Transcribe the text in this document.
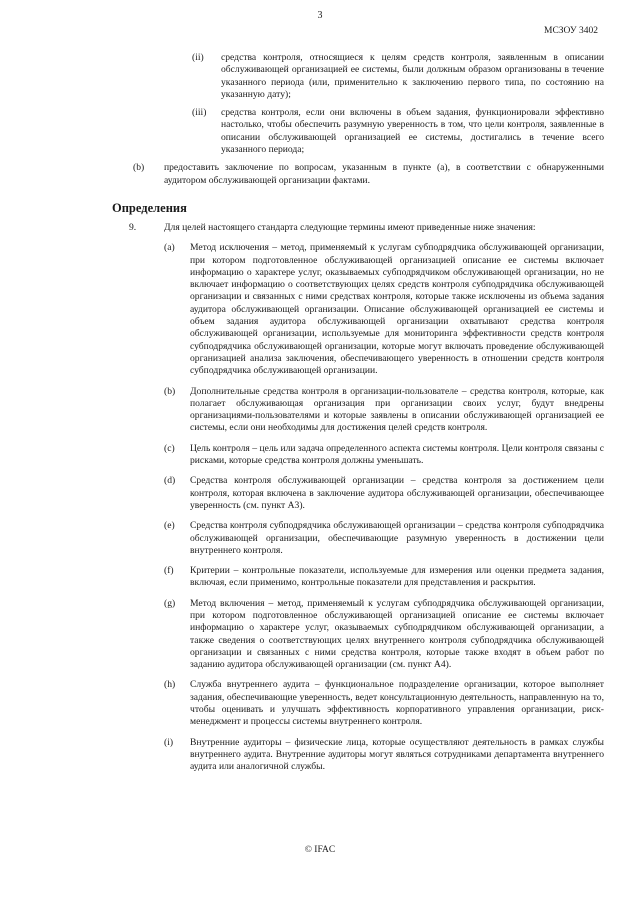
3
МСЗОУ 3402
(ii) средства контроля, относящиеся к целям средств контроля, заявленным в описании обслуживающей организацией ее системы, были должным образом организованы в течение указанного периода (или, применительно к заключению первого типа, по состоянию на указанную дату);
(iii) средства контроля, если они включены в объем задания, функционировали эффективно настолько, чтобы обеспечить разумную уверенность в том, что цели контроля, заявленные в описании обслуживающей организацией ее системы, достигались в течение всего указанного периода;
(b) предоставить заключение по вопросам, указанным в пункте (a), в соответствии с обнаруженными аудитором обслуживающей организации фактами.
Определения
9.	Для целей настоящего стандарта следующие термины имеют приведенные ниже значения:
(a) Метод исключения – метод, применяемый к услугам субподрядчика обслуживающей организации, при котором подготовленное обслуживающей организацией описание ее системы включает информацию о характере услуг, оказываемых субподрядчиком обслуживающей организации, но не включает информацию о соответствующих целях средств контроля субподрядчика обслуживающей организации и связанных с ними средствах контроля, которые также исключены из объема задания аудитора обслуживающей организации. Описание обслуживающей организацией ее системы и объем задания аудитора обслуживающей организации охватывают средства контроля обслуживающей организации, используемые для мониторинга эффективности средств контроля субподрядчика обслуживающей организации, которые могут включать проведение обслуживающей организацией анализа заключения, обеспечивающего уверенность в отношении средств контроля субподрядчика обслуживающей организации.
(b) Дополнительные средства контроля в организации-пользователе – средства контроля, которые, как полагает обслуживающая организация при организации своих услуг, будут внедрены организациями-пользователями и которые заявлены в описании обслуживающей организацией ее системы, если они необходимы для достижения целей средств контроля.
(c) Цель контроля – цель или задача определенного аспекта системы контроля. Цели контроля связаны с рисками, которые средства контроля должны уменьшать.
(d) Средства контроля обслуживающей организации – средства контроля за достижением цели контроля, которая включена в заключение аудитора обслуживающей организации, обеспечивающее уверенность (см. пункт А3).
(e) Средства контроля субподрядчика обслуживающей организации – средства контроля субподрядчика обслуживающей организации, обеспечивающие разумную уверенность в достижении цели внутреннего контроля.
(f) Критерии – контрольные показатели, используемые для измерения или оценки предмета задания, включая, если применимо, контрольные показатели для представления и раскрытия.
(g) Метод включения – метод, применяемый к услугам субподрядчика обслуживающей организации, при котором подготовленное обслуживающей организацией описание ее системы включает информацию о характере услуг, оказываемых субподрядчиком обслуживающей организации, а также сведения о соответствующих целях внутреннего контроля субподрядчика обслуживающей организации и связанных с ними средства контроля, которые также входят в объем работ по заданию аудитора обслуживающей организации (см. пункт А4).
(h) Служба внутреннего аудита – функциональное подразделение организации, которое выполняет задания, обеспечивающие уверенность, ведет консультационную деятельность, направленную на то, чтобы оценивать и улучшать эффективность корпоративного управления организации, риск-менеджмент и процессы системы внутреннего контроля.
(i) Внутренние аудиторы – физические лица, которые осуществляют деятельность в рамках службы внутреннего аудита. Внутренние аудиторы могут являться сотрудниками департамента внутреннего аудита или аналогичной службы.
© IFAC
